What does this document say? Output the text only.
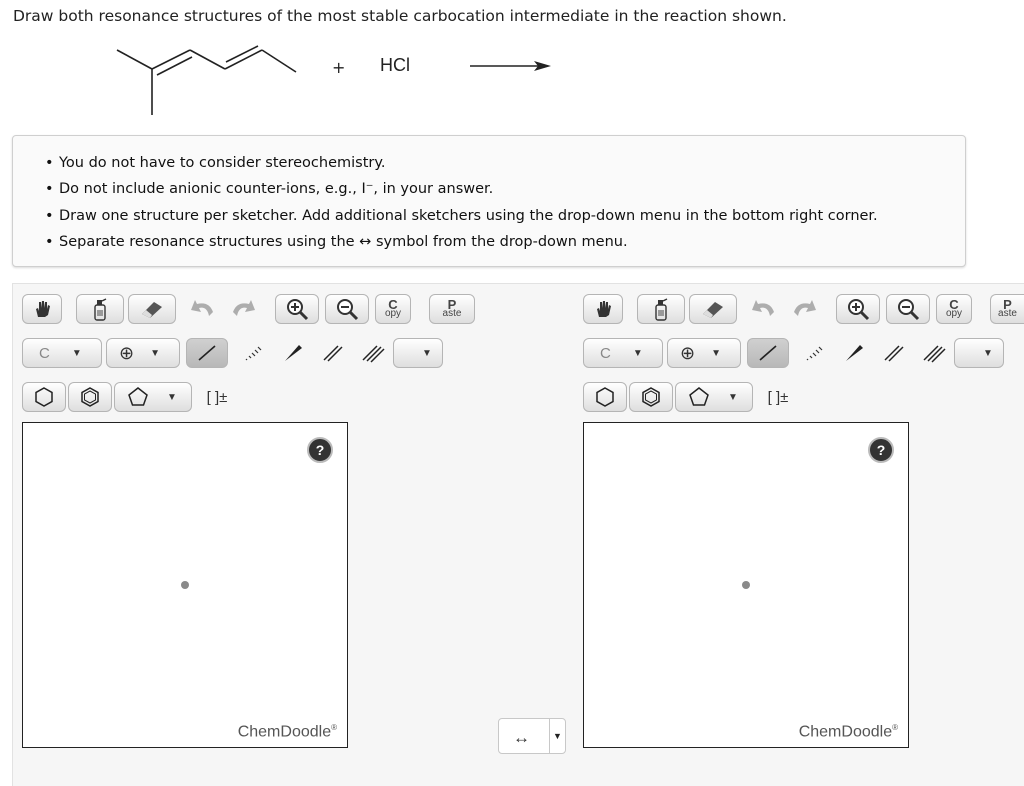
Draw both resonance structures of the most stable carbocation intermediate in the reaction shown.
+ HCl
• You do not have to consider stereochemistry.
• Do not include anionic counter-ions, e.g., I⁻, in your answer.
• Draw one structure per sketcher. Add additional sketchers using the drop-down menu in the bottom right corner.
• Separate resonance structures using the ↔ symbol from the drop-down menu.
C
opy
P
aste
C ▼ ⊕ ▼	▼
▼ [ ]±
?
ChemDoodle®
↔	▼
C
opy
P
aste
C ▼ ⊕ ▼	▼
▼ [ ]±
?
ChemDoodle®
